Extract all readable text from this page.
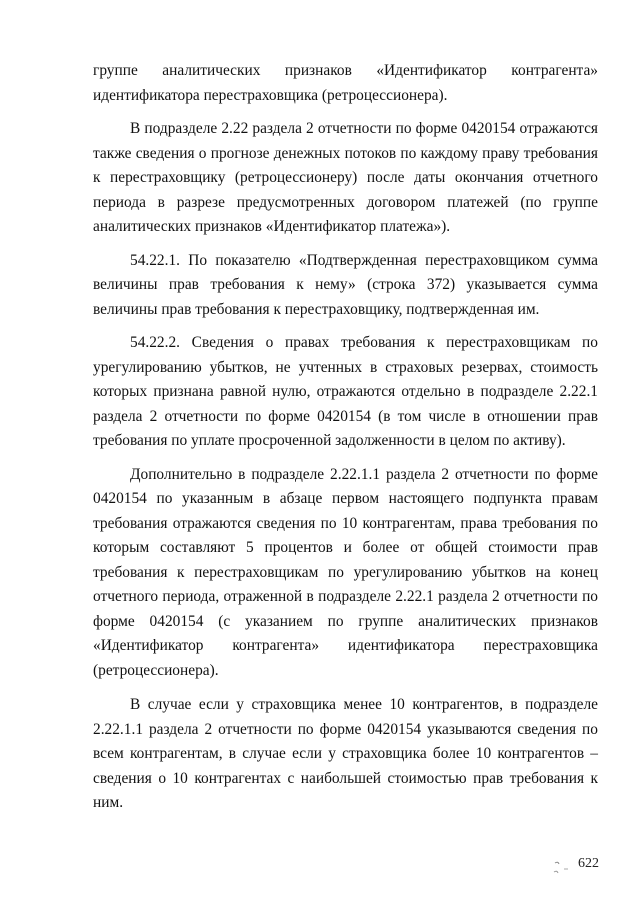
группе аналитических признаков «Идентификатор контрагента» идентификатора перестраховщика (ретроцессионера).

В подразделе 2.22 раздела 2 отчетности по форме 0420154 отражаются также сведения о прогнозе денежных потоков по каждому праву требования к перестраховщику (ретроцессионеру) после даты окончания отчетного периода в разрезе предусмотренных договором платежей (по группе аналитических признаков «Идентификатор платежа»).

54.22.1. По показателю «Подтвержденная перестраховщиком сумма величины прав требования к нему» (строка 372) указывается сумма величины прав требования к перестраховщику, подтвержденная им.

54.22.2. Сведения о правах требования к перестраховщикам по урегулированию убытков, не учтенных в страховых резервах, стоимость которых признана равной нулю, отражаются отдельно в подразделе 2.22.1 раздела 2 отчетности по форме 0420154 (в том числе в отношении прав требования по уплате просроченной задолженности в целом по активу).

Дополнительно в подразделе 2.22.1.1 раздела 2 отчетности по форме 0420154 по указанным в абзаце первом настоящего подпункта правам требования отражаются сведения по 10 контрагентам, права требования по которым составляют 5 процентов и более от общей стоимости прав требования к перестраховщикам по урегулированию убытков на конец отчетного периода, отраженной в подразделе 2.22.1 раздела 2 отчетности по форме 0420154 (с указанием по группе аналитических признаков «Идентификатор контрагента» идентификатора перестраховщика (ретроцессионера).

В случае если у страховщика менее 10 контрагентов, в подразделе 2.22.1.1 раздела 2 отчетности по форме 0420154 указываются сведения по всем контрагентам, в случае если у страховщика более 10 контрагентов – сведения о 10 контрагентах с наибольшей стоимостью прав требования к ним.

622
